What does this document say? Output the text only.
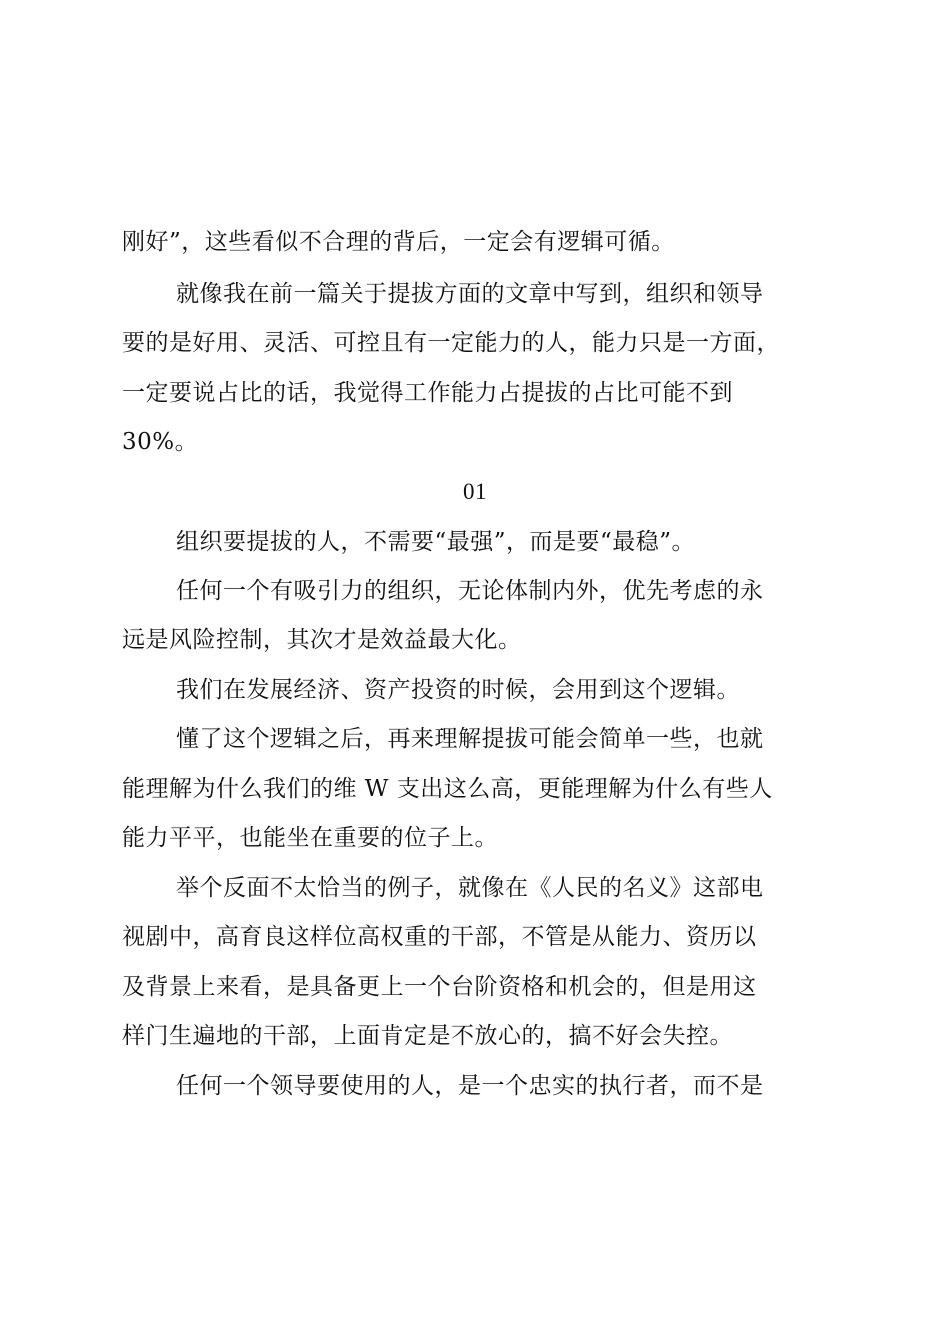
刚好”，这些看似不合理的背后，一定会有逻辑可循。
就像我在前一篇关于提拔方面的文章中写到，组织和领导
要的是好用、灵活、可控且有一定能力的人，能力只是一方面，
一定要说占比的话，我觉得工作能力占提拔的占比可能不到
30%。
01
组织要提拔的人，不需要“最强”，而是要“最稳”。
任何一个有吸引力的组织，无论体制内外，优先考虑的永
远是风险控制，其次才是效益最大化。
我们在发展经济、资产投资的时候，会用到这个逻辑。
懂了这个逻辑之后，再来理解提拔可能会简单一些，也就
能理解为什么我们的维 W 支出这么高，更能理解为什么有些人
能力平平，也能坐在重要的位子上。
举个反面不太恰当的例子，就像在《人民的名义》这部电
视剧中，高育良这样位高权重的干部，不管是从能力、资历以
及背景上来看，是具备更上一个台阶资格和机会的，但是用这
样门生遍地的干部，上面肯定是不放心的，搞不好会失控。
任何一个领导要使用的人，是一个忠实的执行者，而不是
